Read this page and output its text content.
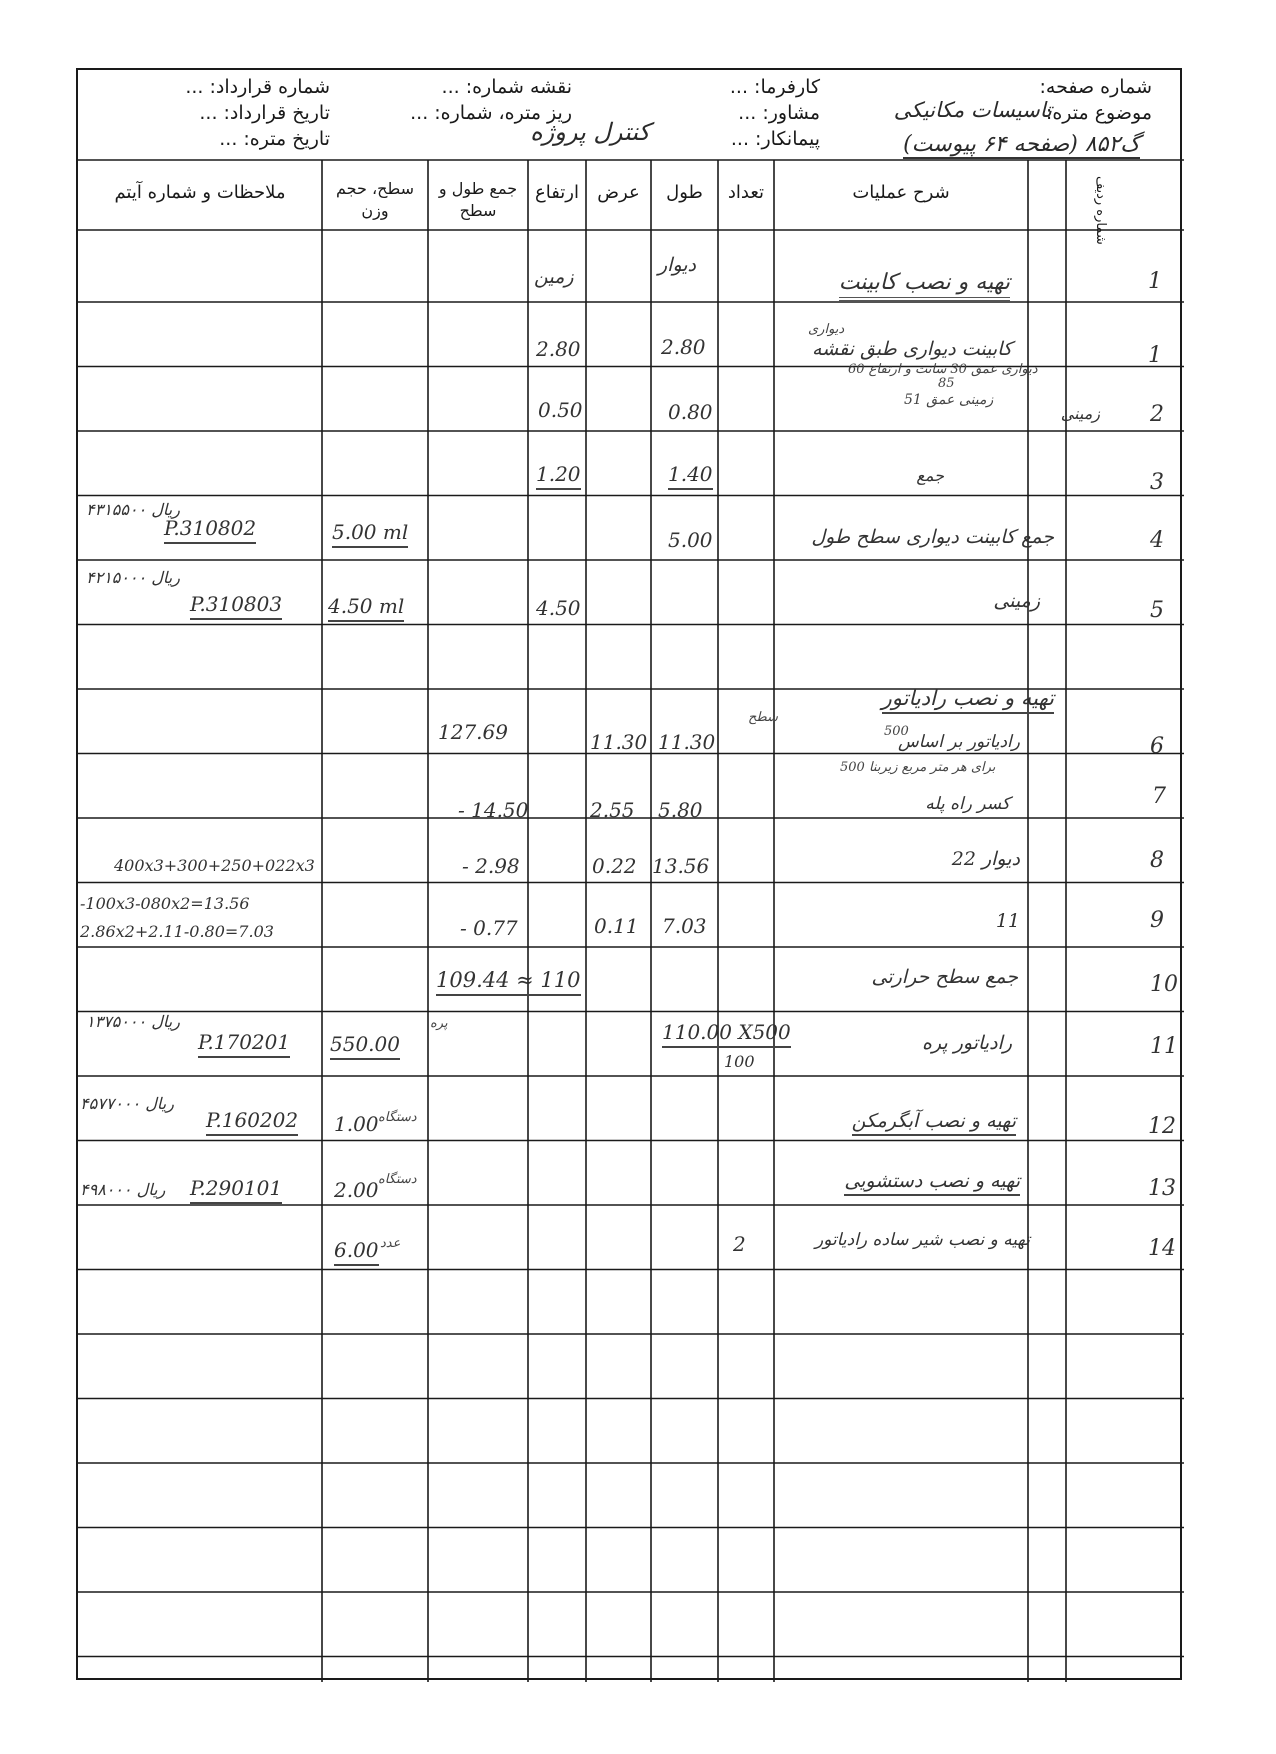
شماره صفحه:
موضوع متره:
تاسیسات مکانیکی
گ۸۵۲ (صفحه ۶۴ پیوست)
کارفرما: ...
مشاور: ...
پیمانکار: ...
کنترل پروژه
نقشه شماره: ...
ریز متره، شماره: ...
شماره قرارداد: ...
تاریخ قرارداد: ...
تاریخ متره: ...
شماره ردیف
شرح عملیات
تعداد
طول
عرض
ارتفاع
جمع طول و سطح
سطح، حجم وزن
ملاحظات و شماره آیتم
دیوار
زمین	1
تهیه و نصب کابینت
1
کابینت دیواری طبق نقشه
دیواری
2.80
2.80
2
دیواری عمق 30 سانت و ارتفاع 60
85
زمینی عمق 51
زمینی
0.80
0.50
3
جمع
1.40
1.20
4
جمع کابینت دیواری سطح طول
5.00
5.00 ml
P.310802
۴۳۱۵۵۰۰ ریال
5
زمینی
4.50
4.50 ml
P.310803
۴۲۱۵۰۰۰ ریال
تهیه و نصب رادیاتور
6
رادیاتور بر اساس
سطح
500
11.30
11.30
127.69
7
برای هر متر مربع زیربنا 500
کسر راه پله
5.80
2.55
- 14.50
8
دیوار 22
13.56
0.22
- 2.98
400x3+300+250+022x3
9
11
7.03
0.11
- 0.77
-100x3-080x2=13.56
2.86x2+2.11-0.80=7.03
10
جمع سطح حرارتی
109.44 ≈ 110
11
رادیاتور پره
110.00 X500
100
پره
550.00
P.170201
۱۳۷۵۰۰۰ ریال
12
تهیه و نصب آبگرمکن
1.00 دستگاه
P.160202
۴۵۷۷۰۰۰ ریال
13
تهیه و نصب دستشویی
2.00 دستگاه
P.290101
۴۹۸۰۰۰ ریال
14
تهیه و نصب شیر ساده رادیاتور
2
6.00 عدد
